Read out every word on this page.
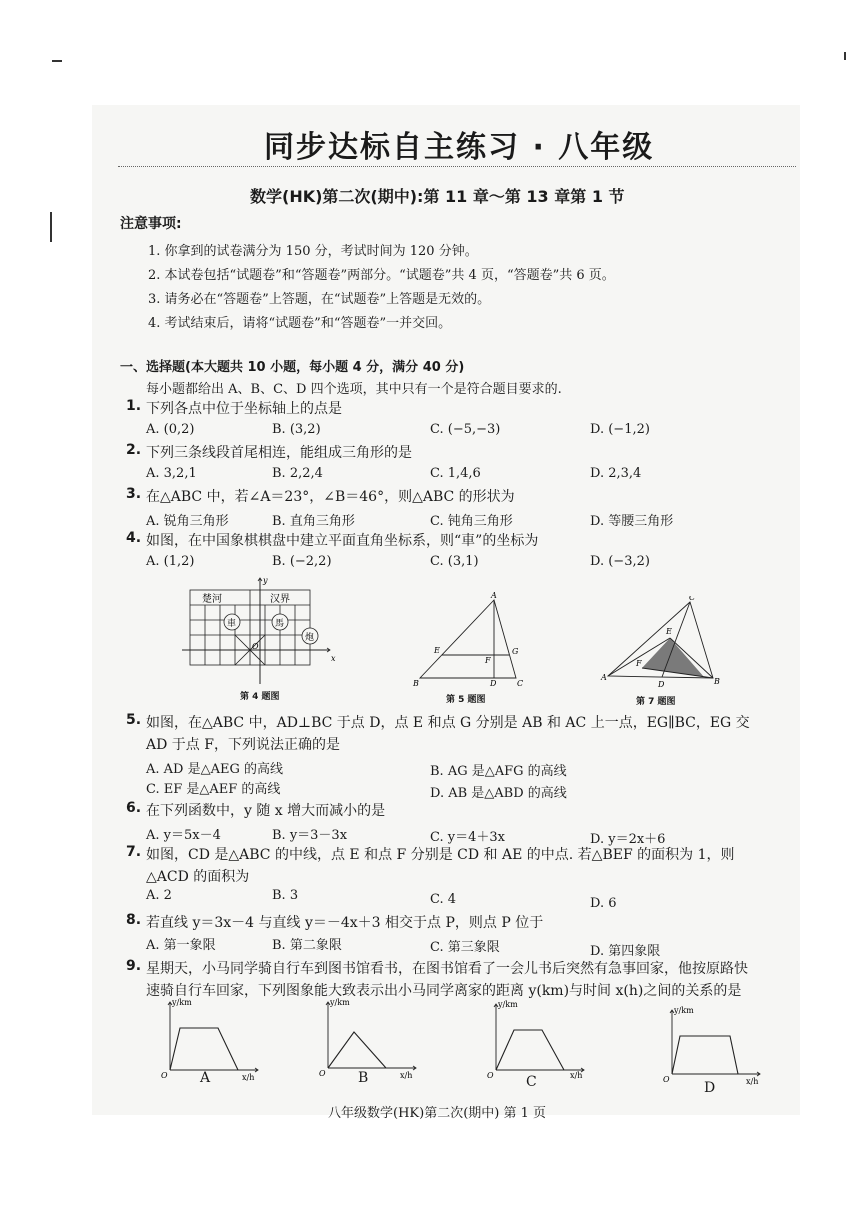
同步达标自主练习 · 八年级
数学(HK)第二次(期中):第 11 章～第 13 章第 1 节
注意事项:
1. 你拿到的试卷满分为 150 分，考试时间为 120 分钟。
2. 本试卷包括“试题卷”和“答题卷”两部分。“试题卷”共 4 页，“答题卷”共 6 页。
3. 请务必在“答题卷”上答题，在“试题卷”上答题是无效的。
4. 考试结束后，请将“试题卷”和“答题卷”一并交回。
一、选择题(本大题共 10 小题，每小题 4 分，满分 40 分)
每小题都给出 A、B、C、D 四个选项，其中只有一个是符合题目要求的.
1. 下列各点中位于坐标轴上的点是
A. (0,2)	B. (3,2)	C. (−5,−3)	D. (−1,2)
2. 下列三条线段首尾相连，能组成三角形的是
A. 3,2,1	B. 2,2,4	C. 1,4,6	D. 2,3,4
3. 在△ABC 中，若∠A＝23°，∠B＝46°，则△ABC 的形状为
A. 锐角三角形	B. 直角三角形	C. 钝角三角形	D. 等腰三角形
4. 如图，在中国象棋棋盘中建立平面直角坐标系，则“車”的坐标为
A. (1,2)	B. (−2,2)	C. (3,1)	D. (−3,2)
楚河	汉界
車	馬
炮
O
x
y
第 4 题图
A
B	C
D
E
F
G
第 5 题图
C
A	B
D
E
F
第 7 题图
5. 如图，在△ABC 中，AD⊥BC 于点 D，点 E 和点 G 分别是 AB 和 AC 上一点，EG∥BC，EG 交
AD 于点 F，下列说法正确的是
A. AD 是△AEG 的高线	B. AG 是△AFG 的高线
C. EF 是△AEF 的高线	D. AB 是△ABD 的高线
6. 在下列函数中，y 随 x 增大而减小的是
A. y＝5x－4	B. y＝3－3x	C. y＝4＋3x	D. y＝2x＋6
7. 如图，CD 是△ABC 的中线，点 E 和点 F 分别是 CD 和 AE 的中点. 若△BEF 的面积为 1，则
△ACD 的面积为
A. 2	B. 3	C. 4	D. 6
8. 若直线 y＝3x－4 与直线 y＝－4x＋3 相交于点 P，则点 P 位于
A. 第一象限	B. 第二象限	C. 第三象限	D. 第四象限
9. 星期天，小马同学骑自行车到图书馆看书，在图书馆看了一会儿书后突然有急事回家，他按原路快
速骑自行车回家，下列图象能大致表示出小马同学离家的距离 y(km)与时间 x(h)之间的关系的是
y/km
x/h
O A
y/km
x/h
O B
y/km
x/h
O C
y/km
x/h
O
D
八年级数学(HK)第二次(期中) 第 1 页
